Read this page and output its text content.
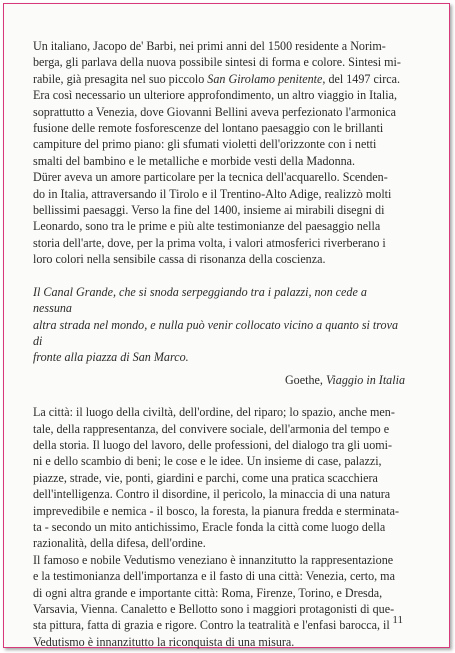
Un italiano, Jacopo de' Barbi, nei primi anni del 1500 residente a Norim-
berga, gli parlava della nuova possibile sintesi di forma e colore. Sintesi mi-
rabile, già presagita nel suo piccolo San Girolamo penitente, del 1497 circa.
Era così necessario un ulteriore approfondimento, un altro viaggio in Italia,
soprattutto a Venezia, dove Giovanni Bellini aveva perfezionato l'armonica
fusione delle remote fosforescenze del lontano paesaggio con le brillanti
campiture del primo piano: gli sfumati violetti dell'orizzonte con i netti
smalti del bambino e le metalliche e morbide vesti della Madonna.

Dürer aveva un amore particolare per la tecnica dell'acquarello. Scenden-
do in Italia, attraversando il Tirolo e il Trentino-Alto Adige, realizzò molti
bellissimi paesaggi. Verso la fine del 1400, insieme ai mirabili disegni di
Leonardo, sono tra le prime e più alte testimonianze del paesaggio nella
storia dell'arte, dove, per la prima volta, i valori atmosferici riverberano i
loro colori nella sensibile cassa di risonanza della coscienza.

Il Canal Grande, che si snoda serpeggiando tra i palazzi, non cede a nessuna
altra strada nel mondo, e nulla può venir collocato vicino a quanto si trova di
fronte alla piazza di San Marco.

Goethe, Viaggio in Italia

La città: il luogo della civiltà, dell'ordine, del riparo; lo spazio, anche men-
tale, della rappresentanza, del convivere sociale, dell'armonia del tempo e
della storia. Il luogo del lavoro, delle professioni, del dialogo tra gli uomi-
ni e dello scambio di beni; le cose e le idee. Un insieme di case, palazzi,
piazze, strade, vie, ponti, giardini e parchi, come una pratica scacchiera
dell'intelligenza. Contro il disordine, il pericolo, la minaccia di una natura
imprevedibile e nemica - il bosco, la foresta, la pianura fredda e sterminata-
ta - secondo un mito antichissimo, Eracle fonda la città come luogo della
razionalità, della difesa, dell'ordine.

Il famoso e nobile Vedutismo veneziano è innanzitutto la rappresentazione
e la testimonianza dell'importanza e il fasto di una città: Venezia, certo, ma
di ogni altra grande e importante città: Roma, Firenze, Torino, e Dresda,
Varsavia, Vienna. Canaletto e Bellotto sono i maggiori protagonisti di que-
sta pittura, fatta di grazia e rigore. Contro la teatralità e l'enfasi barocca, il
Vedutismo è innanzitutto la riconquista di una misura.

11
